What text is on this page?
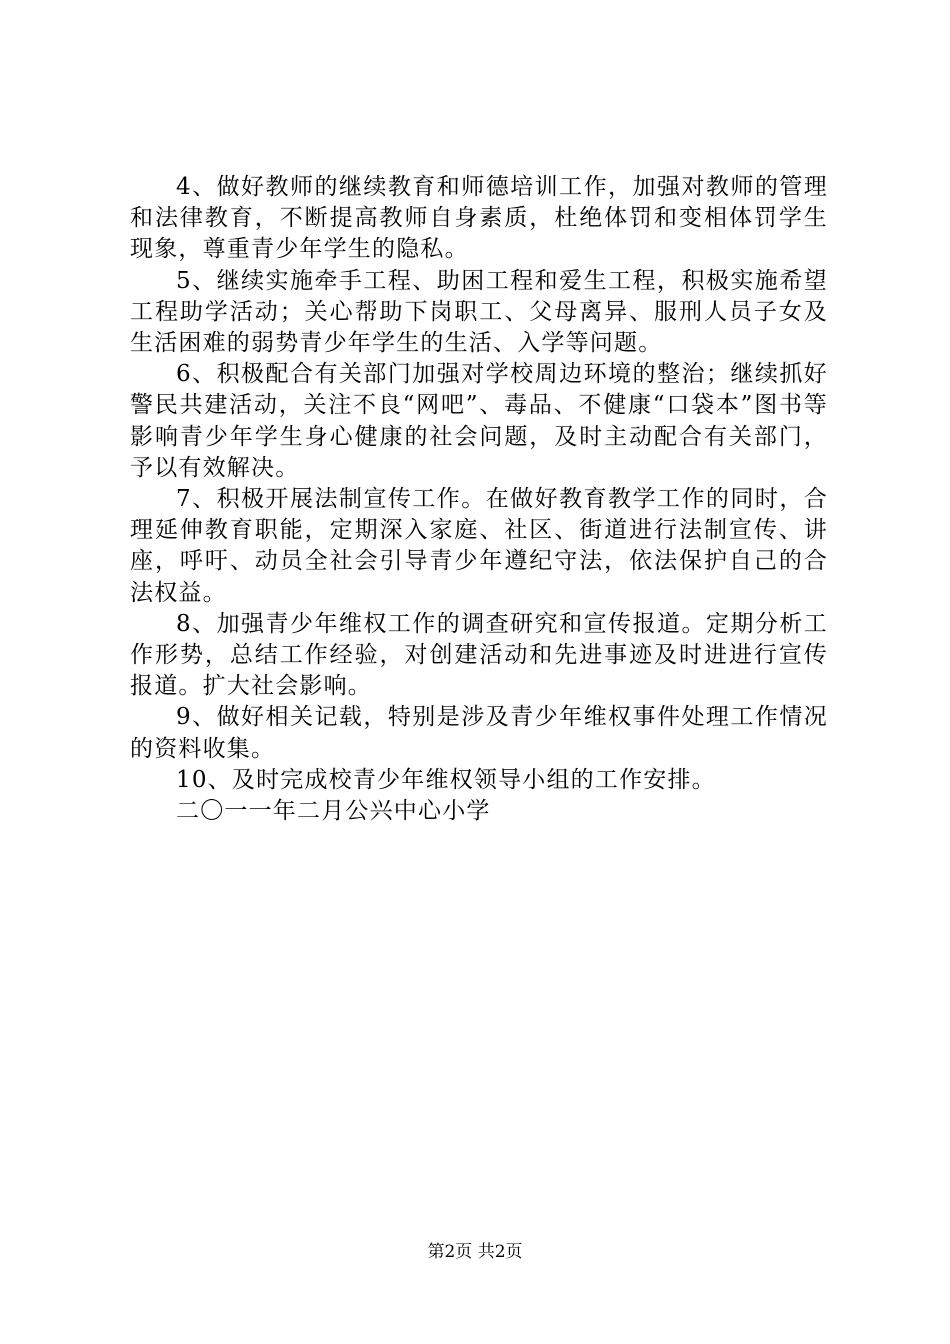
4、做好教师的继续教育和师德培训工作，加强对教师的管理和法律教育，不断提高教师自身素质，杜绝体罚和变相体罚学生现象，尊重青少年学生的隐私。

5、继续实施牵手工程、助困工程和爱生工程，积极实施希望工程助学活动；关心帮助下岗职工、父母离异、服刑人员子女及生活困难的弱势青少年学生的生活、入学等问题。

6、积极配合有关部门加强对学校周边环境的整治；继续抓好警民共建活动，关注不良“网吧”、毒品、不健康“口袋本”图书等影响青少年学生身心健康的社会问题，及时主动配合有关部门，予以有效解决。

7、积极开展法制宣传工作。在做好教育教学工作的同时，合理延伸教育职能，定期深入家庭、社区、街道进行法制宣传、讲座，呼吁、动员全社会引导青少年遵纪守法，依法保护自己的合法权益。

8、加强青少年维权工作的调查研究和宣传报道。定期分析工作形势，总结工作经验，对创建活动和先进事迹及时进进行宣传报道。扩大社会影响。

9、做好相关记载，特别是涉及青少年维权事件处理工作情况的资料收集。

10、及时完成校青少年维权领导小组的工作安排。

二〇一一年二月公兴中心小学

第2页 共2页
